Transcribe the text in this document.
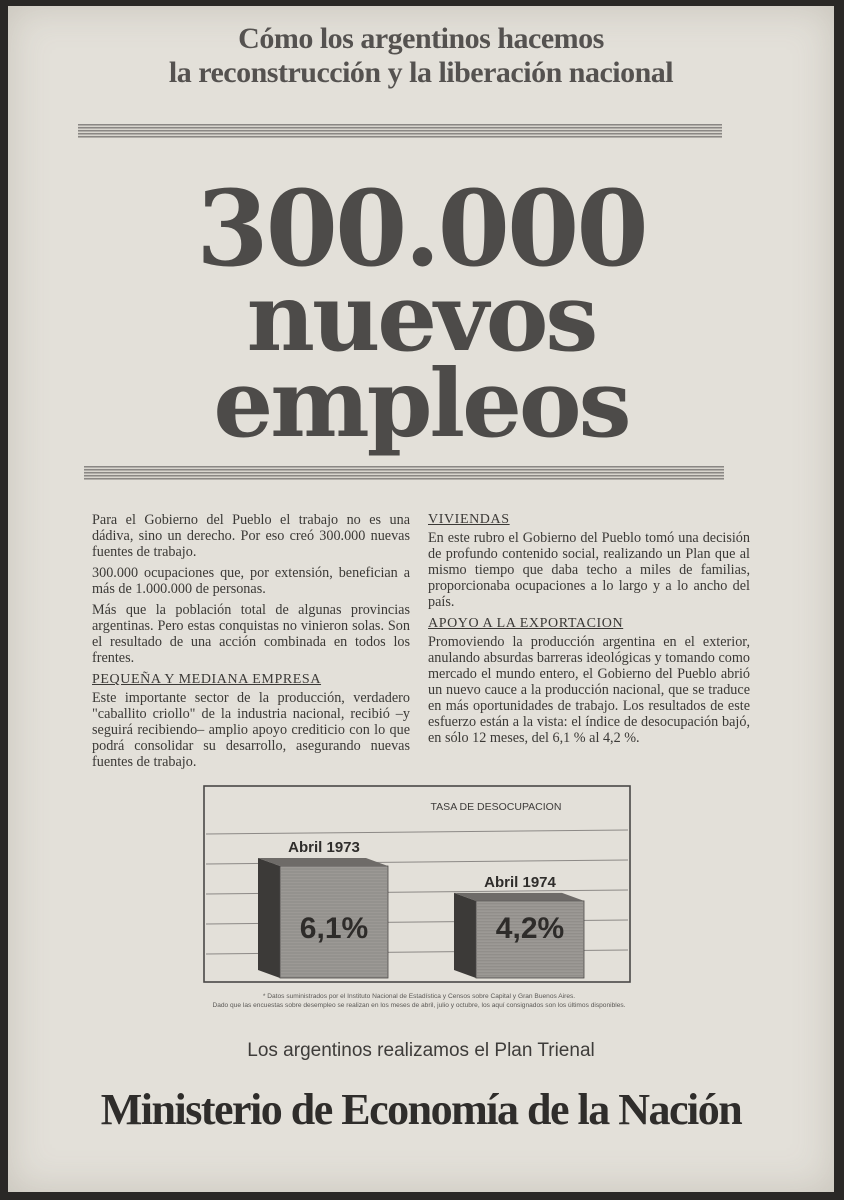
Cómo los argentinos hacemos
la reconstrucción y la liberación nacional
300.000
nuevos
empleos

Para el Gobierno del Pueblo el trabajo no es una dádiva, sino un derecho. Por eso creó 300.000 nuevas fuentes de trabajo.

300.000 ocupaciones que, por extensión, benefician a más de 1.000.000 de personas.

Más que la población total de algunas provincias argentinas. Pero estas conquistas no vinieron solas. Son el resultado de una acción combinada en todos los frentes.

PEQUEÑA Y MEDIANA EMPRESA

Este importante sector de la producción, verdadero "caballito criollo" de la industria nacional, recibió –y seguirá recibiendo– amplio apoyo crediticio con lo que podrá consolidar su desarrollo, asegurando nuevas fuentes de trabajo.

VIVIENDAS

En este rubro el Gobierno del Pueblo tomó una decisión de profundo contenido social, realizando un Plan que al mismo tiempo que daba techo a miles de familias, proporcionaba ocupaciones a lo largo y a lo ancho del país.

APOYO A LA EXPORTACION

Promoviendo la producción argentina en el exterior, anulando absurdas barreras ideológicas y tomando como mercado el mundo entero, el Gobierno del Pueblo abrió un nuevo cauce a la producción nacional, que se traduce en más oportunidades de trabajo. Los resultados de este esfuerzo están a la vista: el índice de desocupación bajó, en sólo 12 meses, del 6,1 % al 4,2 %.

TASA DE DESOCUPACION
Abril 1973
6,1%
Abril 1974
4,2%
* Datos suministrados por el Instituto Nacional de Estadística y Censos sobre Capital y Gran Buenos Aires.
Dado que las encuestas sobre desempleo se realizan en los meses de abril, julio y octubre, los aquí consignados son los últimos disponibles.
Los argentinos realizamos el Plan Trienal
Ministerio de Economía de la Nación
